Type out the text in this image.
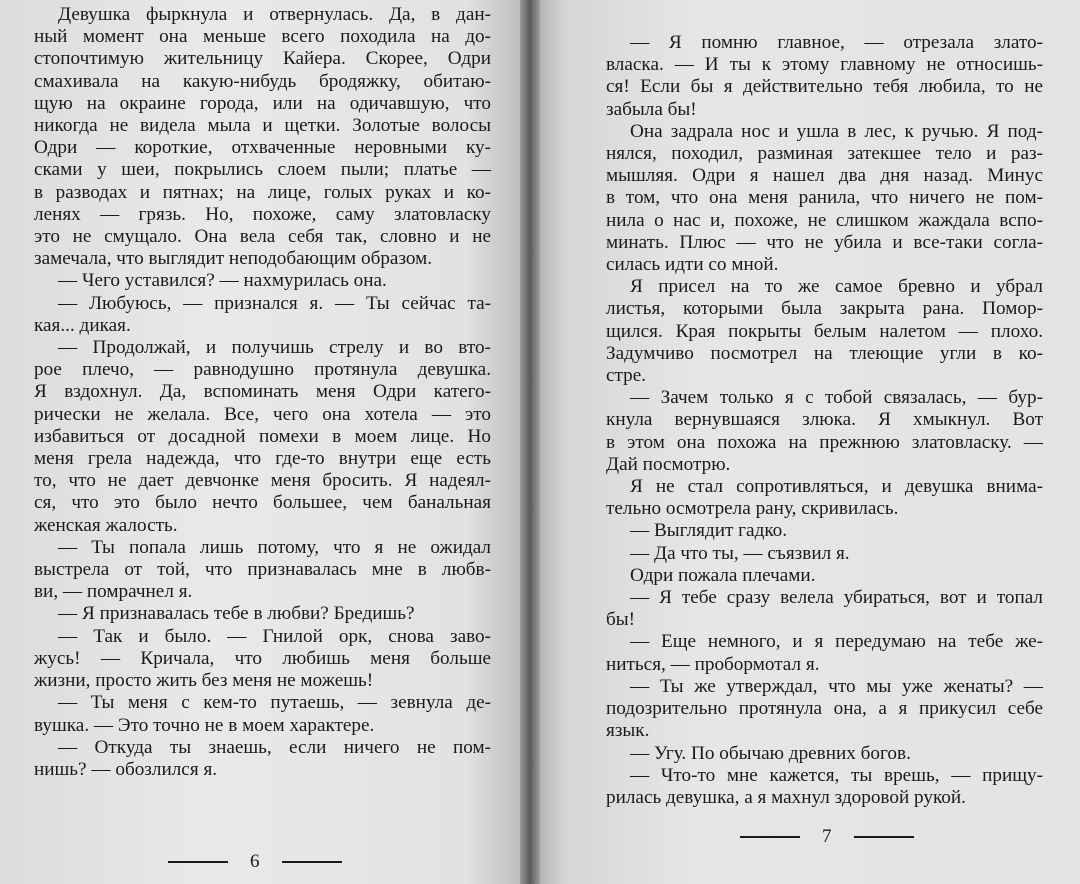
Девушка фыркнула и отвернулась. Да, в дан-
ный момент она меньше всего походила на до-
стопочтимую жительницу Кайера. Скорее, Одри
смахивала на какую-нибудь бродяжку, обитаю-
щую на окраине города, или на одичавшую, что
никогда не видела мыла и щетки. Золотые волосы
Одри — короткие, отхваченные неровными ку-
сками у шеи, покрылись слоем пыли; платье —
в разводах и пятнах; на лице, голых руках и ко-
ленях — грязь. Но, похоже, саму златовласку
это не смущало. Она вела себя так, словно и не
замечала, что выглядит неподобающим образом.
— Чего уставился? — нахмурилась она.
— Любуюсь, — признался я. — Ты сейчас та-
кая... дикая.
— Продолжай, и получишь стрелу и во вто-
рое плечо, — равнодушно протянула девушка.
Я вздохнул. Да, вспоминать меня Одри катего-
рически не желала. Все, чего она хотела — это
избавиться от досадной помехи в моем лице. Но
меня грела надежда, что где-то внутри еще есть
то, что не дает девчонке меня бросить. Я надеял-
ся, что это было нечто большее, чем банальная
женская жалость.
— Ты попала лишь потому, что я не ожидал
выстрела от той, что признавалась мне в любв-
ви, — помрачнел я.
— Я признавалась тебе в любви? Бредишь?
— Так и было. — Гнилой орк, снова заво-
жусь! — Кричала, что любишь меня больше
жизни, просто жить без меня не можешь!
— Ты меня с кем-то путаешь, — зевнула де-
вушка. — Это точно не в моем характере.
— Откуда ты знаешь, если ничего не пом-
нишь? — обозлился я.
6
— Я помню главное, — отрезала злато-
власка. — И ты к этому главному не относишь-
ся! Если бы я действительно тебя любила, то не
забыла бы!
Она задрала нос и ушла в лес, к ручью. Я под-
нялся, походил, разминая затекшее тело и раз-
мышляя. Одри я нашел два дня назад. Минус
в том, что она меня ранила, что ничего не пом-
нила о нас и, похоже, не слишком жаждала вспо-
минать. Плюс — что не убила и все-таки согла-
силась идти со мной.
Я присел на то же самое бревно и убрал
листья, которыми была закрыта рана. Помор-
щился. Края покрыты белым налетом — плохо.
Задумчиво посмотрел на тлеющие угли в ко-
стре.
— Зачем только я с тобой связалась, — бур-
кнула вернувшаяся злюка. Я хмыкнул. Вот
в этом она похожа на прежнюю златовласку. —
Дай посмотрю.
Я не стал сопротивляться, и девушка внима-
тельно осмотрела рану, скривилась.
— Выглядит гадко.
— Да что ты, — съязвил я.
Одри пожала плечами.
— Я тебе сразу велела убираться, вот и топал
бы!
— Еще немного, и я передумаю на тебе же-
ниться, — пробормотал я.
— Ты же утверждал, что мы уже женаты? —
подозрительно протянула она, а я прикусил себе
язык.
— Угу. По обычаю древних богов.
— Что-то мне кажется, ты врешь, — прищу-
рилась девушка, а я махнул здоровой рукой.
7
